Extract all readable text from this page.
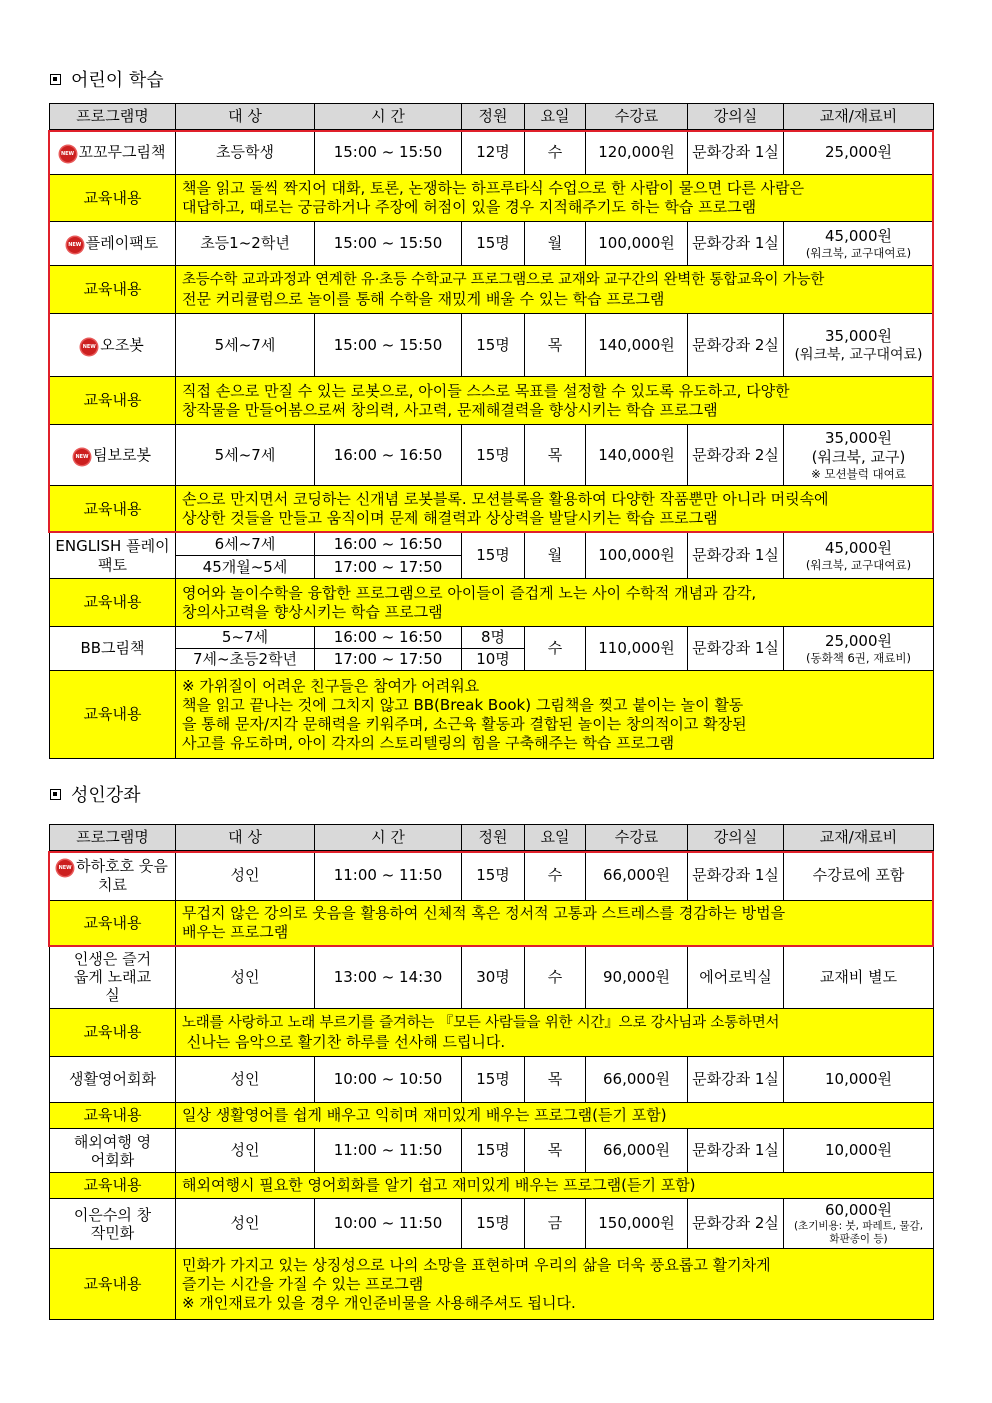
어린이 학습
프로그램명	대 상	시 간	정원	요일	수강료	강의실	교재/재료비
NEW 꼬꼬무그림책	초등학생	15:00 ~ 15:50	12명	수	120,000원	문화강좌 1실	25,000원
교육내용	책을 읽고 둘씩 짝지어 대화, 토론, 논쟁하는 하프루타식 수업으로 한 사람이 물으면 다른 사람은
대답하고, 때로는 궁금하거나 주장에 허점이 있을 경우 지적해주기도 하는 학습 프로그램						

NEW 플레이팩토	초등1~2학년	15:00 ~ 15:50	15명	월	100,000원	문화강좌 1실	45,000원
(워크북, 교구대여료)

교육내용	초등수학 교과과정과 연계한 유·초등 수학교구 프로그램으로 교재와 교구간의 완벽한 통합교육이 가능한
전문 커리큘럼으로 놀이를 통해 수학을 재밌게 배울 수 있는 학습 프로그램						

NEW 오조봇	5세~7세	15:00 ~ 15:50	15명	목	140,000원	문화강좌 2실	35,000원
(워크북, 교구대여료)

교육내용	직접 손으로 만질 수 있는 로봇으로, 아이들 스스로 목표를 설정할 수 있도록 유도하고, 다양한
창작물을 만들어봄으로써 창의력, 사고력, 문제해결력을 향상시키는 학습 프로그램						

NEW 팀보로봇	5세~7세	16:00 ~ 16:50	15명	목	140,000원	문화강좌 2실	35,000원
(워크북, 교구)
※ 모션블럭 대여료

교육내용	손으로 만지면서 코딩하는 신개념 로봇블록. 모션블록을 활용하여 다양한 작품뿐만 아니라 머릿속에
상상한 것들을 만들고 움직이며 문제 해결력과 상상력을 발달시키는 학습 프로그램						

ENGLISH 플레이팩토	6세~7세	16:00 ~ 16:50	15명	월	100,000원	문화강좌 1실	45,000원
(워크북, 교구대여료)

	45개월~5세	17:00 ~ 17:50					
교육내용	영어와 놀이수학을 융합한 프로그램으로 아이들이 즐겁게 노는 사이 수학적 개념과 감각,
창의사고력을 향상시키는 학습 프로그램						

BB그림책	5~7세	16:00 ~ 16:50	8명	수	110,000원	문화강좌 1실	25,000원
(동화책 6권, 재료비)

	7세~초등2학년	17:00 ~ 17:50	10명				
교육내용	※ 가위질이 어려운 친구들은 참여가 어려워요
책을 읽고 끝나는 것에 그치지 않고 BB(Break Book) 그림책을 찢고 붙이는 놀이 활동
을 통해 문자/지각 문해력을 키워주며, 소근육 활동과 결합된 놀이는 창의적이고 확장된
사고를 유도하며, 아이 각자의 스토리텔링의 힘을 구축해주는 학습 프로그램						
성인강좌
프로그램명	대 상	시 간	정원	요일	수강료	강의실	교재/재료비
NEW 하하호호 웃음치료	성인	11:00 ~ 11:50	15명	수	66,000원	문화강좌 1실	수강료에 포함
교육내용	무겁지 않은 강의로 웃음을 활용하여 신체적 혹은 정서적 고통과 스트레스를 경감하는 방법을
배우는 프로그램						

인생은 즐거웁게 노래교실	성인	13:00 ~ 14:30	30명	수	90,000원	에어로빅실	교재비 별도
교육내용	노래를 사랑하고 노래 부르기를 즐겨하는 『모든 사람들을 위한 시간』으로 강사님과 소통하면서
신나는 음악으로 활기찬 하루를 선사해 드립니다.						

생활영어회화	성인	10:00 ~ 10:50	15명	목	66,000원	문화강좌 1실	10,000원
교육내용	일상 생활영어를 쉽게 배우고 익히며 재미있게 배우는 프로그램(듣기 포함)						

해외여행 영어회화	성인	11:00 ~ 11:50	15명	목	66,000원	문화강좌 1실	10,000원
교육내용	해외여행시 필요한 영어회화를 알기 쉽고 재미있게 배우는 프로그램(듣기 포함)						

이은수의 창작민화	성인	10:00 ~ 11:50	15명	금	150,000원	문화강좌 2실	60,000원
(초기비용: 붓, 파레트, 물감, 화판종이 등)

교육내용	민화가 가지고 있는 상징성으로 나의 소망을 표현하며 우리의 삶을 더욱 풍요롭고 활기차게
즐기는 시간을 가질 수 있는 프로그램
※ 개인재료가 있을 경우 개인준비물을 사용해주셔도 됩니다.						
